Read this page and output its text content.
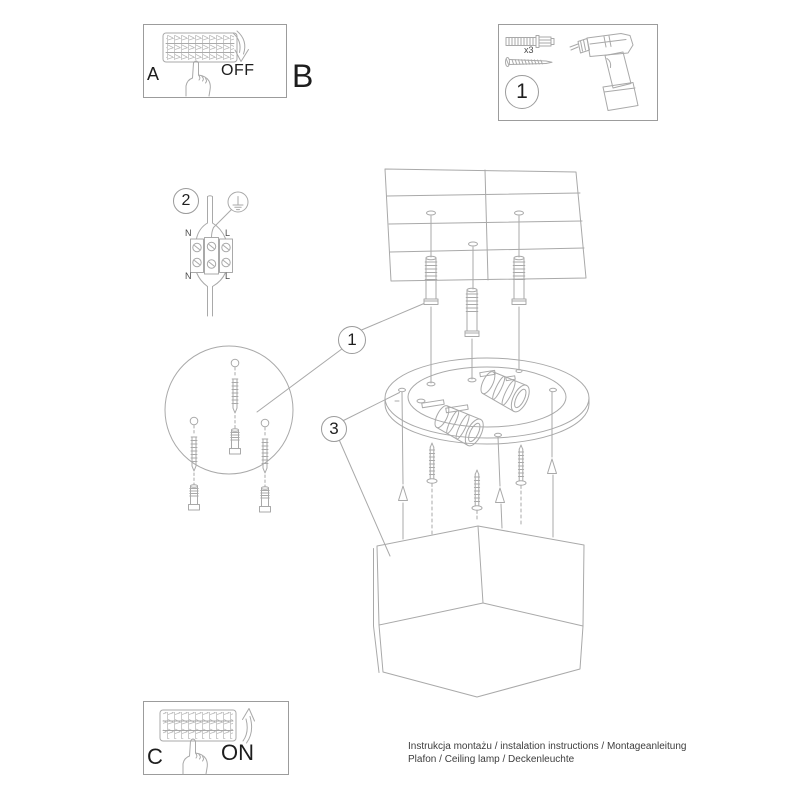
A	OFF B	1
x3
2
N	L
N	L
1
3
C	ON	Instrukcja montażu / instalation instructions / Montageanleitung
Plafon / Ceiling lamp / Deckenleuchte
